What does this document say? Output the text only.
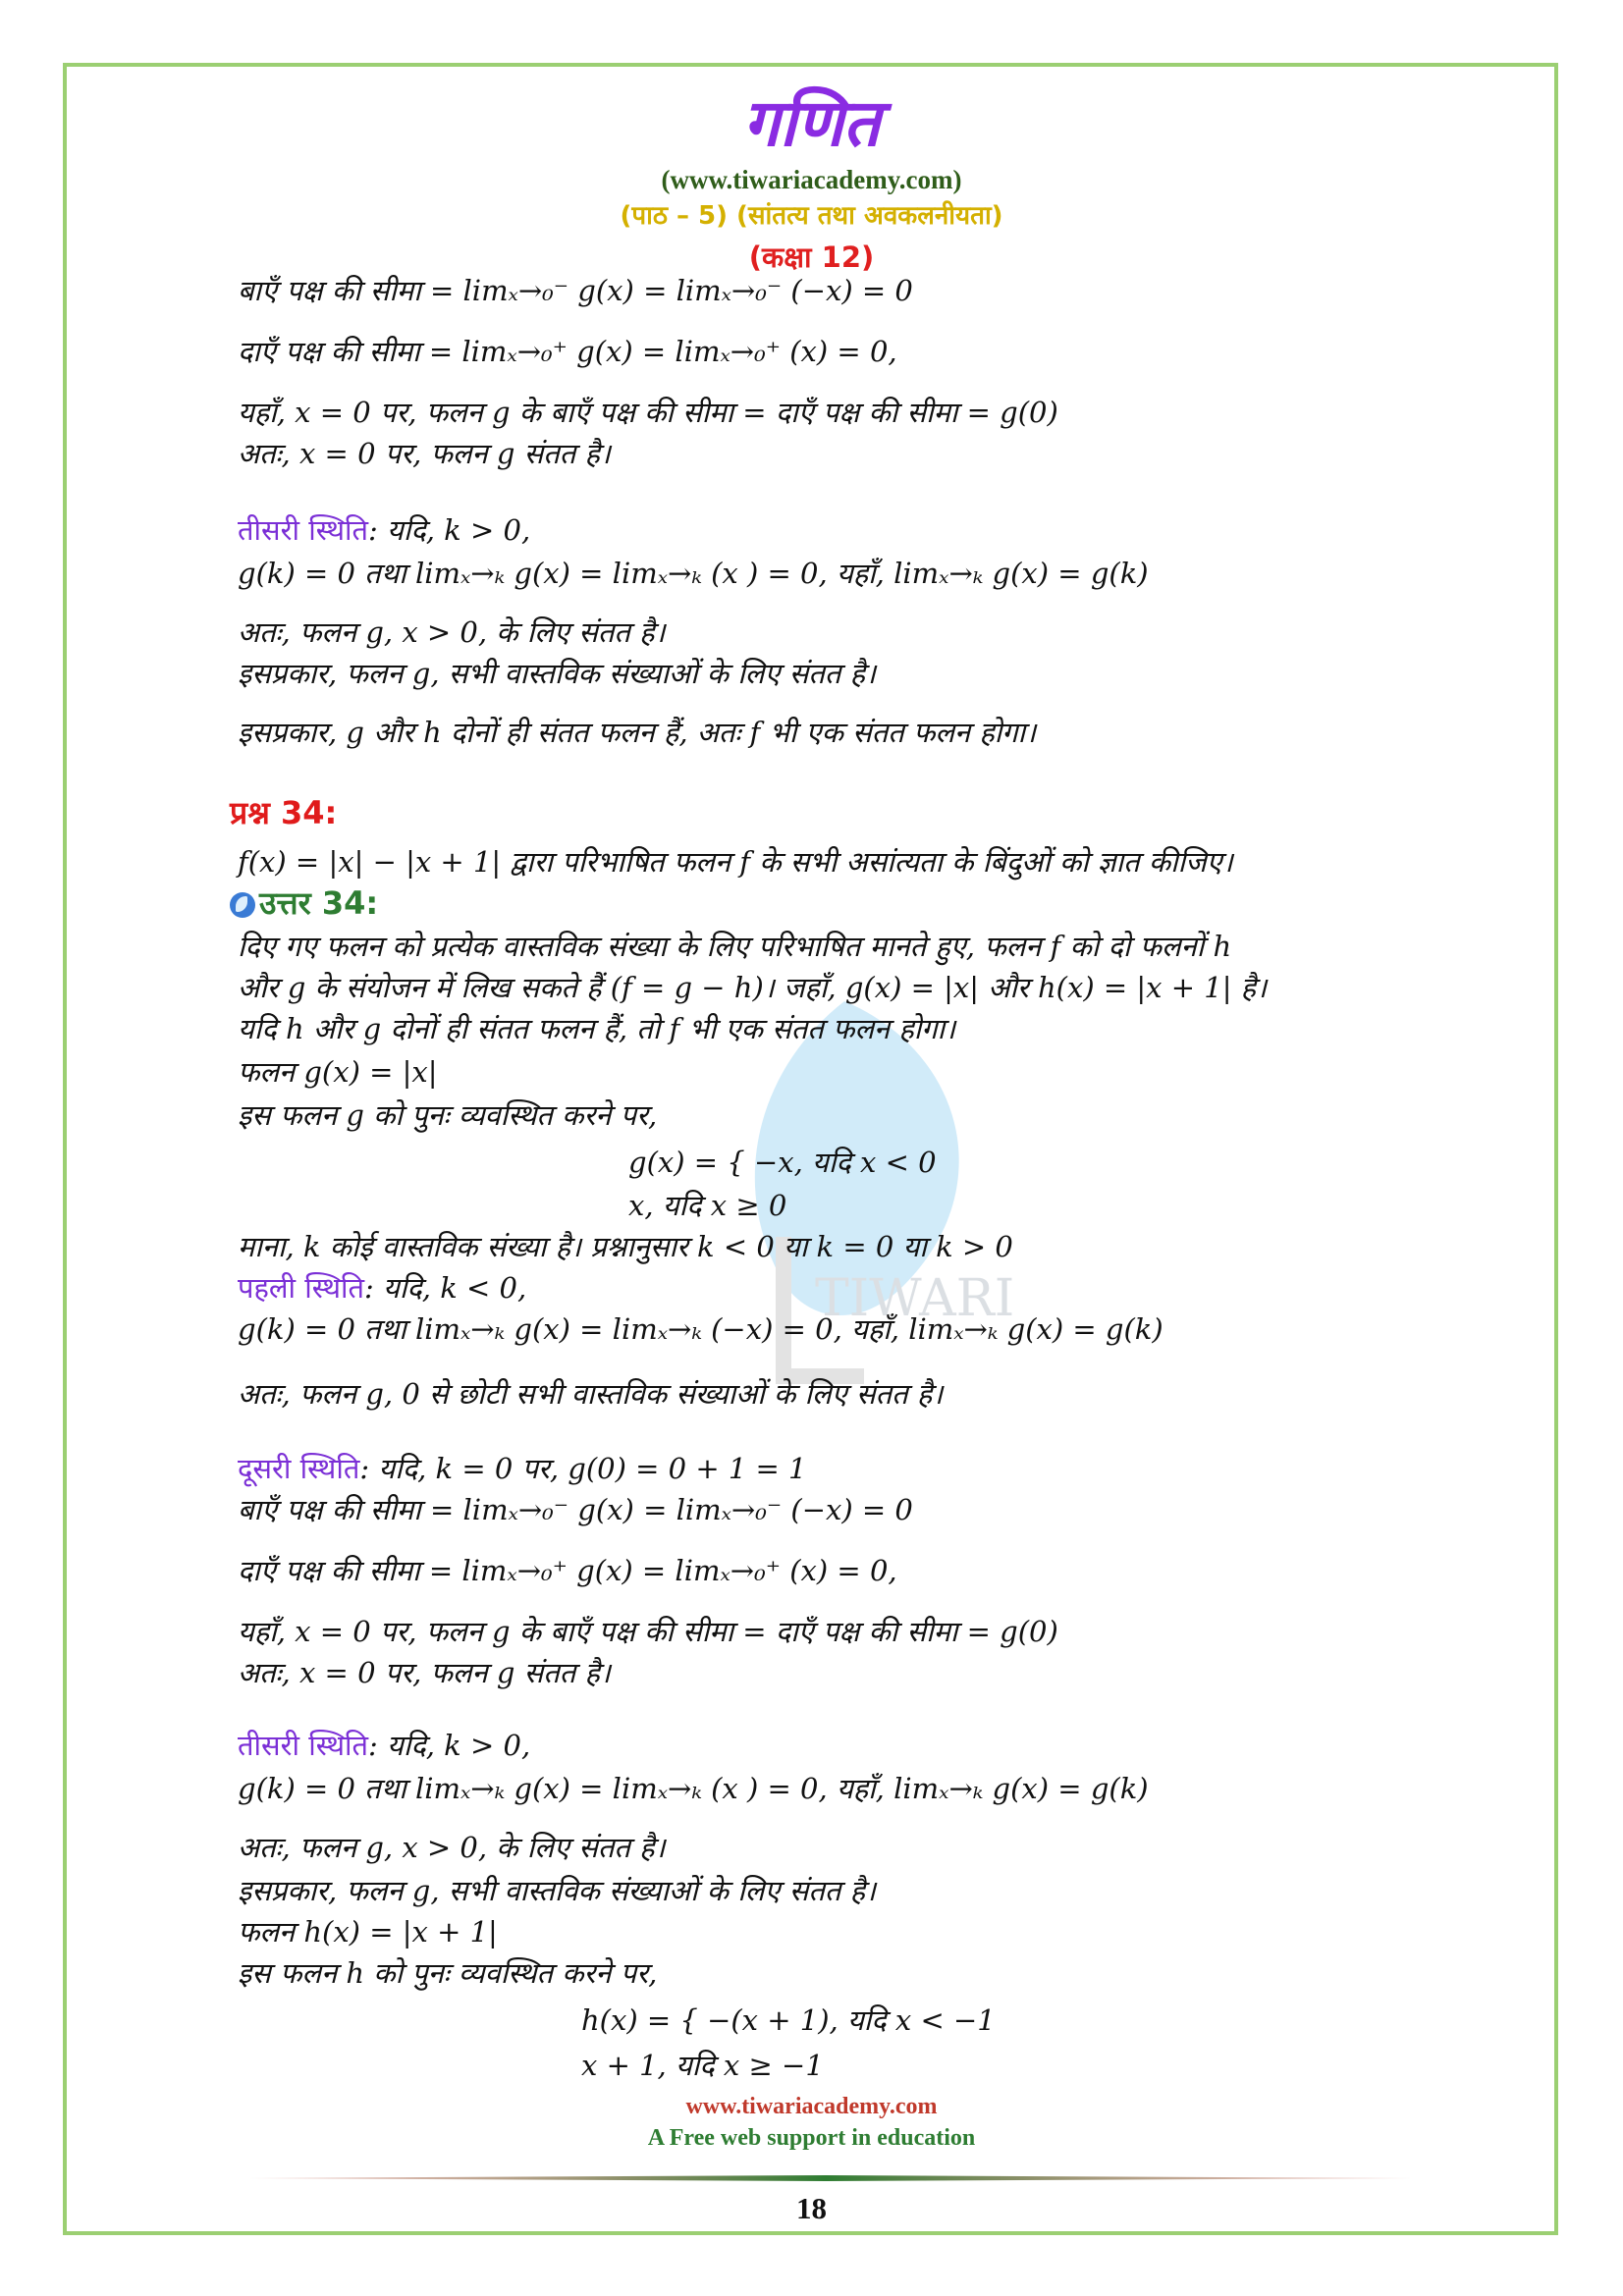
गणित
(www.tiwariacademy.com)
(पाठ – 5) (सांतत्य तथा अवकलनीयता)
(कक्षा 12)
TIWARI
बाएँ पक्ष की सीमा = limₓ→₀⁻ g(x) = limₓ→₀⁻ (−x) = 0
दाएँ पक्ष की सीमा = limₓ→₀⁺ g(x) = limₓ→₀⁺ (x) = 0,
यहाँ, x = 0 पर, फलन g के बाएँ पक्ष की सीमा = दाएँ पक्ष की सीमा = g(0)
अतः, x = 0 पर, फलन g संतत है।
तीसरी स्थिति: यदि, k > 0,
g(k) = 0 तथा limₓ→ₖ g(x) = limₓ→ₖ (x ) = 0, यहाँ, limₓ→ₖ g(x) = g(k)
अतः, फलन g, x > 0, के लिए संतत है।
इसप्रकार, फलन g, सभी वास्तविक संख्याओं के लिए संतत है।
इसप्रकार, g और h दोनों ही संतत फलन हैं, अतः f भी एक संतत फलन होगा।
प्रश्न 34:
f(x) = |x| − |x + 1| द्वारा परिभाषित फलन f के सभी असांत्यता के बिंदुओं को ज्ञात कीजिए।
उत्तर 34:
दिए गए फलन को प्रत्येक वास्तविक संख्या के लिए परिभाषित मानते हुए, फलन f को दो फलनों h
और g के संयोजन में लिख सकते हैं (f = g − h)। जहाँ, g(x) = |x| और h(x) = |x + 1| है।
यदि h और g दोनों ही संतत फलन हैं, तो f भी एक संतत फलन होगा।
फलन g(x) = |x|
इस फलन g को पुनः व्यवस्थित करने पर,
g(x) = { −x, यदि x < 0
x, यदि x ≥ 0
माना, k कोई वास्तविक संख्या है। प्रश्नानुसार k < 0 या k = 0 या k > 0
पहली स्थिति: यदि, k < 0,
g(k) = 0 तथा limₓ→ₖ g(x) = limₓ→ₖ (−x) = 0, यहाँ, limₓ→ₖ g(x) = g(k)
अतः, फलन g, 0 से छोटी सभी वास्तविक संख्याओं के लिए संतत है।
दूसरी स्थिति: यदि, k = 0 पर, g(0) = 0 + 1 = 1
बाएँ पक्ष की सीमा = limₓ→₀⁻ g(x) = limₓ→₀⁻ (−x) = 0
दाएँ पक्ष की सीमा = limₓ→₀⁺ g(x) = limₓ→₀⁺ (x) = 0,
यहाँ, x = 0 पर, फलन g के बाएँ पक्ष की सीमा = दाएँ पक्ष की सीमा = g(0)
अतः, x = 0 पर, फलन g संतत है।
तीसरी स्थिति: यदि, k > 0,
g(k) = 0 तथा limₓ→ₖ g(x) = limₓ→ₖ (x ) = 0, यहाँ, limₓ→ₖ g(x) = g(k)
अतः, फलन g, x > 0, के लिए संतत है।
इसप्रकार, फलन g, सभी वास्तविक संख्याओं के लिए संतत है।
फलन h(x) = |x + 1|
इस फलन h को पुनः व्यवस्थित करने पर,
h(x) = { −(x + 1), यदि x < −1
x + 1, यदि x ≥ −1
www.tiwariacademy.com
A Free web support in education
18
